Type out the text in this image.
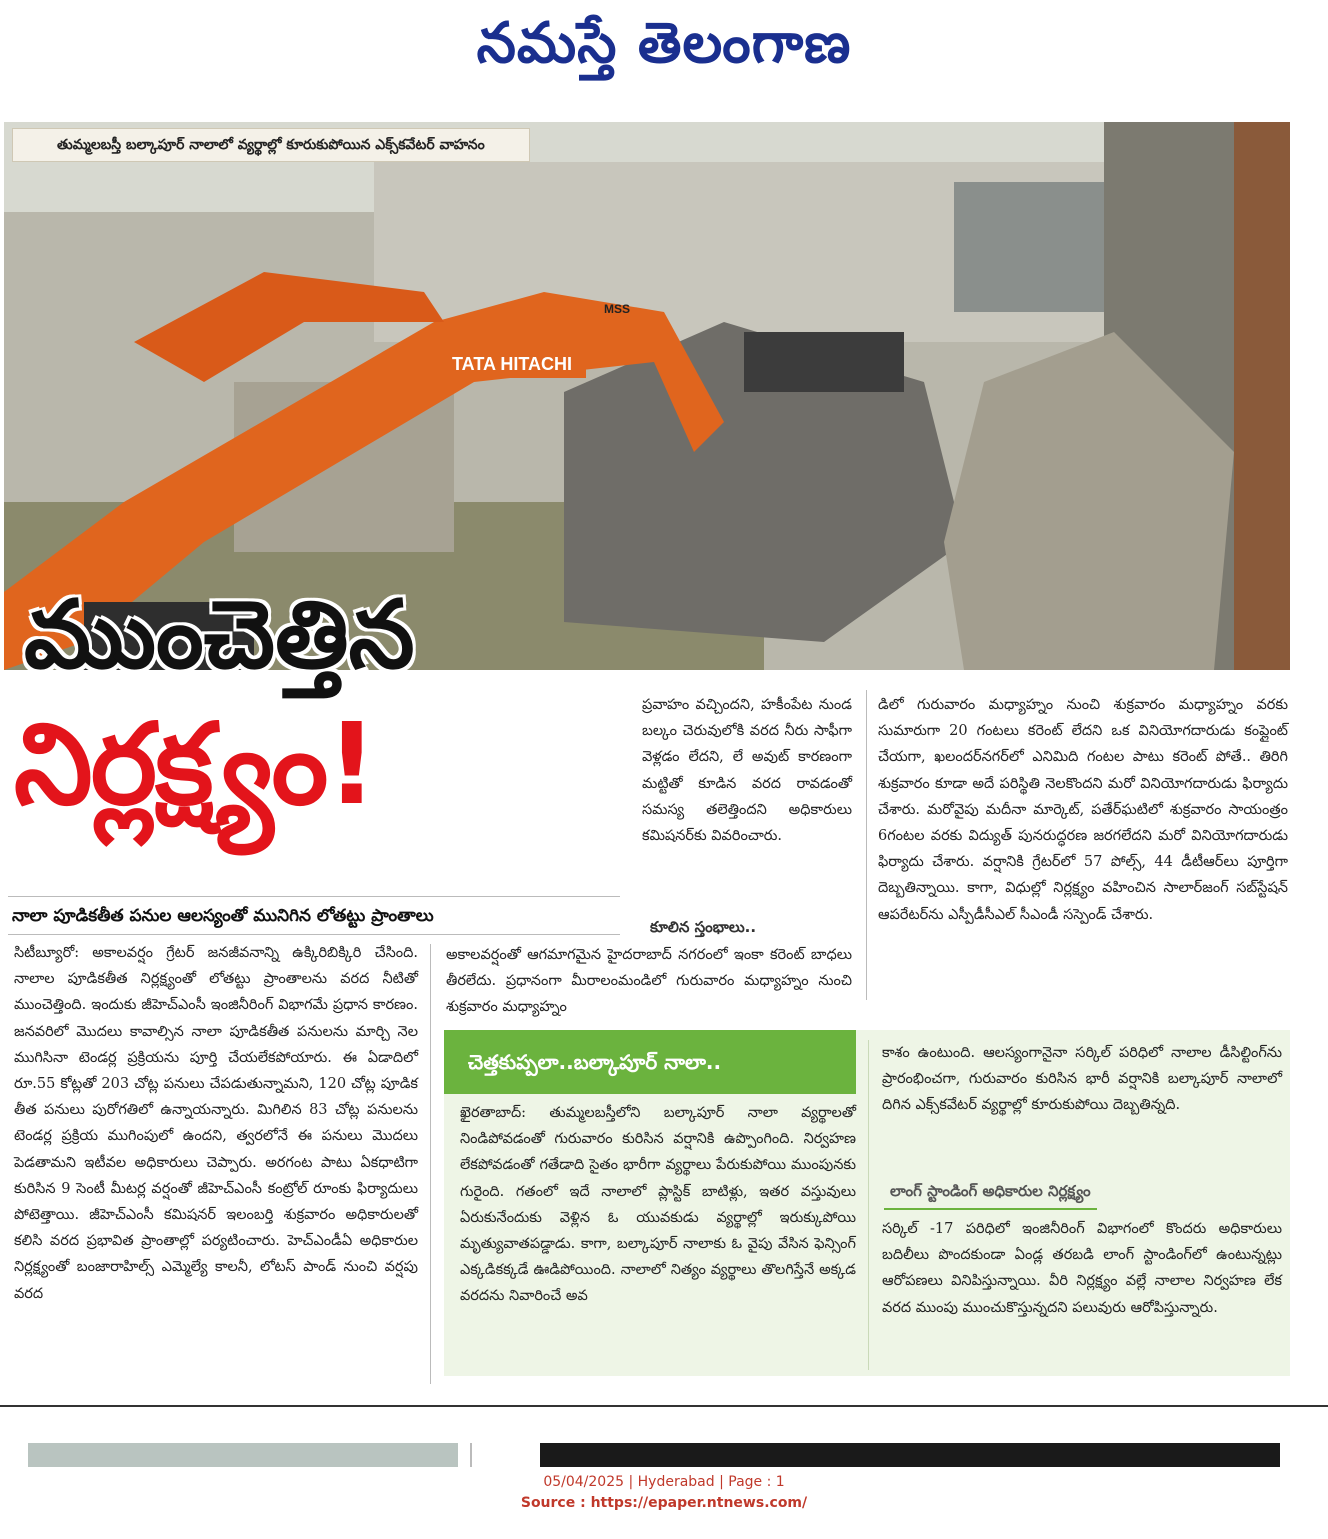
నమస్తే తెలంగాణ
తుమ్మలబస్తీ బల్కాపూర్ నాలాలో వ్యర్థాల్లో కూరుకుపోయిన ఎక్స్‌కవేటర్ వాహనం
TATA HITACHI
MSS
ముంచెత్తిన
నిర్లక్ష్యం!
నాలా పూడికతీత పనుల ఆలస్యంతో మునిగిన లోతట్టు ప్రాంతాలు

సిటీబ్యూరో: అకాలవర్షం గ్రేటర్ జనజీవనాన్ని ఉక్కిరిబిక్కిరి చేసింది. నాలాల పూడికతీత నిర్లక్ష్యంతో లోతట్టు ప్రాంతాలను వరద నీటితో ముంచెత్తింది. ఇందుకు జీహెచ్‌ఎంసీ ఇంజినీరింగ్ విభాగమే ప్రధాన కారణం. జనవరిలో మొదలు కావాల్సిన నాలా పూడికతీత పనులను మార్చి నెల ముగిసినా టెండర్ల ప్రక్రియను పూర్తి చేయలేకపోయారు. ఈ ఏడాదిలో రూ.55 కోట్లతో 203 చోట్ల పనులు చేపడుతున్నామని, 120 చోట్ల పూడిక తీత పనులు పురోగతిలో ఉన్నాయన్నారు. మిగిలిన 83 చోట్ల పనులను టెండర్ల ప్రక్రియ ముగింపులో ఉందని, త్వరలోనే ఈ పనులు మొదలు పెడతామని ఇటీవల అధికారులు చెప్పారు. అరగంట పాటు ఏకధాటిగా కురిసిన 9 సెంటీ మీటర్ల వర్షంతో జీహెచ్‌ఎంసీ కంట్రోల్ రూంకు ఫిర్యాదులు పోటెత్తాయి. జీహెచ్‌ఎంసీ కమిషనర్ ఇలంబర్తి శుక్రవారం అధికారులతో కలిసి వరద ప్రభావిత ప్రాంతాల్లో పర్యటించారు. హెచ్‌ఎండీఏ అధికారుల నిర్లక్ష్యంతో బంజారాహిల్స్ ఎమ్మెల్యే కాలనీ, లోటస్ పాండ్ నుంచి వర్షపు వరద

ప్రవాహం వచ్చిందని, హకీంపేట నుండ బల్కం చెరువులోకి వరద నీరు సాఫీగా వెళ్లడం లేదని, లే అవుట్ కారణంగా మట్టితో కూడిన వరద రావడంతో సమస్య తలెత్తిందని అధికారులు కమిషనర్‌కు వివరించారు.

కూలిన స్తంభాలు..

అకాలవర్షంతో ఆగమాగమైన హైదరాబాద్ నగరంలో ఇంకా కరెంట్ బాధలు తీరలేదు. ప్రధానంగా మీరాలంమండిలో గురువారం మధ్యాహ్నం నుంచి శుక్రవారం మధ్యాహ్నం

డిలో గురువారం మధ్యాహ్నం నుంచి శుక్రవారం మధ్యాహ్నం వరకు సుమారుగా 20 గంటలు కరెంట్ లేదని ఒక వినియోగదారుడు కంప్లైంట్ చేయగా, ఖలందర్‌నగర్‌లో ఎనిమిది గంటల పాటు కరెంట్ పోతే.. తిరిగి శుక్రవారం కూడా అదే పరిస్థితి నెలకొందని మరో వినియోగదారుడు ఫిర్యాదు చేశారు. మరోవైపు మదీనా మార్కెట్, పతేర్‌ఘటిలో శుక్రవారం సాయంత్రం 6గంటల వరకు విద్యుత్ పునరుద్ధరణ జరగలేదని మరో వినియోగదారుడు ఫిర్యాదు చేశారు. వర్షానికి గ్రేటర్‌లో 57 పోల్స్, 44 డీటీఆర్‌లు పూర్తిగా దెబ్బతిన్నాయి. కాగా, విధుల్లో నిర్లక్ష్యం వహించిన సాలార్‌జంగ్ సబ్‌స్టేషన్ ఆపరేటర్‌ను ఎస్పీడీసీఎల్ సీఎండీ సస్పెండ్ చేశారు.

చెత్తకుప్పలా..బల్కాపూర్ నాలా..

ఖైరతాబాద్: తుమ్మలబస్తీలోని బల్కాపూర్ నాలా వ్యర్థాలతో నిండిపోవడంతో గురువారం కురిసిన వర్షానికి ఉప్పొంగింది. నిర్వహణ లేకపోవడంతో గతేడాది సైతం భారీగా వ్యర్థాలు పేరుకుపోయి ముంపునకు గురైంది. గతంలో ఇదే నాలాలో ప్లాస్టిక్ బాటిళ్లు, ఇతర వస్తువులు ఏరుకునేందుకు వెళ్లిన ఓ యువకుడు వ్యర్థాల్లో ఇరుక్కుపోయి మృత్యువాతపడ్డాడు. కాగా, బల్కాపూర్ నాలాకు ఓ వైపు వేసిన ఫెన్సింగ్ ఎక్కడికక్కడే ఊడిపోయింది. నాలాలో నిత్యం వ్యర్థాలు తొలగిస్తేనే అక్కడ వరదను నివారించే అవ

కాశం ఉంటుంది. ఆలస్యంగానైనా సర్కిల్ పరిధిలో నాలాల డీసిల్టింగ్‌ను ప్రారంభించగా, గురువారం కురిసిన భారీ వర్షానికి బల్కాపూర్ నాలాలో దిగిన ఎక్స్‌కవేటర్ వ్యర్థాల్లో కూరుకుపోయి దెబ్బతిన్నది.

లాంగ్ స్టాండింగ్ అధికారుల నిర్లక్ష్యం

సర్కిల్ -17 పరిధిలో ఇంజినీరింగ్ విభాగంలో కొందరు అధికారులు బదిలీలు పొందకుండా ఏండ్ల తరబడి లాంగ్ స్టాండింగ్‌లో ఉంటున్నట్లు ఆరోపణలు వినిపిస్తున్నాయి. వీరి నిర్లక్ష్యం వల్లే నాలాల నిర్వహణ లేక వరద ముంపు ముంచుకొస్తున్నదని పలువురు ఆరోపిస్తున్నారు.

05/04/2025 | Hyderabad | Page : 1
Source : https://epaper.ntnews.com/
